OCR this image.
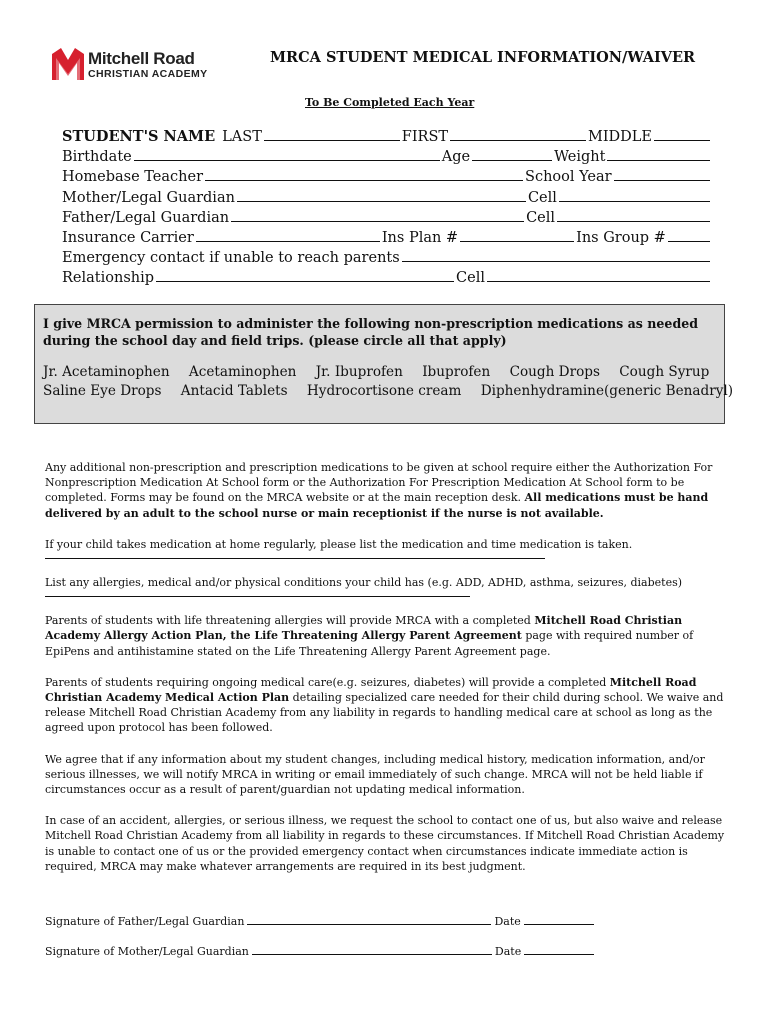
Mitchell Road
CHRISTIAN ACADEMY
MRCA STUDENT MEDICAL INFORMATION/WAIVER
To Be Completed Each Year
STUDENT'S NAME LAST	FIRST	MIDDLE
Birthdate	Age	Weight
Homebase Teacher	School Year
Mother/Legal Guardian	Cell
Father/Legal Guardian	Cell
Insurance Carrier	Ins Plan #	Ins Group #
Emergency contact if unable to reach parents
Relationship	Cell
I give MRCA permission to administer the following non-prescription medications as needed during the school day and field trips. (please circle all that apply)
Jr. Acetaminophen Acetaminophen Jr. Ibuprofen Ibuprofen Cough Drops Cough Syrup
Saline Eye Drops Antacid Tablets Hydrocortisone cream Diphenhydramine(generic Benadryl)

Any additional non-prescription and prescription medications to be given at school require either the Authorization For Nonprescription Medication At School form or the Authorization For Prescription Medication At School form to be completed. Forms may be found on the MRCA website or at the main reception desk. All medications must be hand delivered by an adult to the school nurse or main receptionist if the nurse is not available.

If your child takes medication at home regularly, please list the medication and time medication is taken.

List any allergies, medical and/or physical conditions your child has (e.g. ADD, ADHD, asthma, seizures, diabetes)

Parents of students with life threatening allergies will provide MRCA with a completed Mitchell Road Christian Academy Allergy Action Plan, the Life Threatening Allergy Parent Agreement page with required number of EpiPens and antihistamine stated on the Life Threatening Allergy Parent Agreement page.

Parents of students requiring ongoing medical care(e.g. seizures, diabetes) will provide a completed Mitchell Road Christian Academy Medical Action Plan detailing specialized care needed for their child during school. We waive and release Mitchell Road Christian Academy from any liability in regards to handling medical care at school as long as the agreed upon protocol has been followed.

We agree that if any information about my student changes, including medical history, medication information, and/or serious illnesses, we will notify MRCA in writing or email immediately of such change. MRCA will not be held liable if circumstances occur as a result of parent/guardian not updating medical information.

In case of an accident, allergies, or serious illness, we request the school to contact one of us, but also waive and release Mitchell Road Christian Academy from all liability in regards to these circumstances. If Mitchell Road Christian Academy is unable to contact one of us or the provided emergency contact when circumstances indicate immediate action is required, MRCA may make whatever arrangements are required in its best judgment.

Signature of Father/Legal Guardian	Date
Signature of Mother/Legal Guardian	Date
